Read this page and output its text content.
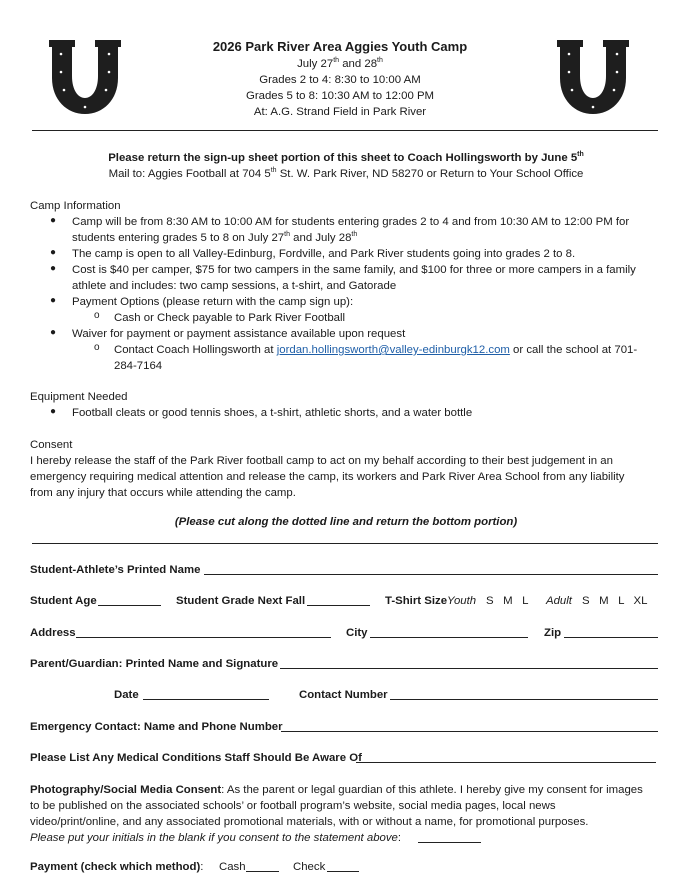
2026 Park River Area Aggies Youth Camp
July 27th and 28th
Grades 2 to 4: 8:30 to 10:00 AM
Grades 5 to 8: 10:30 AM to 12:00 PM
At: A.G. Strand Field in Park River
Please return the sign-up sheet portion of this sheet to Coach Hollingsworth by June 5th
Mail to: Aggies Football at 704 5th St. W. Park River, ND 58270 or Return to Your School Office
Camp Information
● Camp will be from 8:30 AM to 10:00 AM for students entering grades 2 to 4 and from 10:30 AM to 12:00 PM for
students entering grades 5 to 8 on July 27th and July 28th
● The camp is open to all Valley-Edinburg, Fordville, and Park River students going into grades 2 to 8.
● Cost is $40 per camper, $75 for two campers in the same family, and $100 for three or more campers in a family
athlete and includes: two camp sessions, a t-shirt, and Gatorade
● Payment Options (please return with the camp sign up):
o Cash or Check payable to Park River Football
● Waiver for payment or payment assistance available upon request
o Contact Coach Hollingsworth at jordan.hollingsworth@valley-edinburgk12.com or call the school at 701-
284-7164
Equipment Needed
● Football cleats or good tennis shoes, a t-shirt, athletic shorts, and a water bottle
Consent
I hereby release the staff of the Park River football camp to act on my behalf according to their best judgement in an
emergency requiring medical attention and release the camp, its workers and Park River Area School from any liability
from any injury that occurs while attending the camp.
(Please cut along the dotted line and return the bottom portion)
Student-Athlete’s Printed Name
Student Age	Student Grade Next Fall	T-Shirt Size Youth S   M   L Adult S   M   L   XL
Address	City	Zip
Parent/Guardian: Printed Name and Signature
Date	Contact Number
Emergency Contact: Name and Phone Number
Please List Any Medical Conditions Staff Should Be Aware Of
Photography/Social Media Consent: As the parent or legal guardian of this athlete. I hereby give my consent for images
to be published on the associated schools’ or football program’s website, social media pages, local news
video/print/online, and any associated promotional materials, with or without a name, for promotional purposes.
Please put your initials in the blank if you consent to the statement above:
Payment (check which method): Cash	Check
